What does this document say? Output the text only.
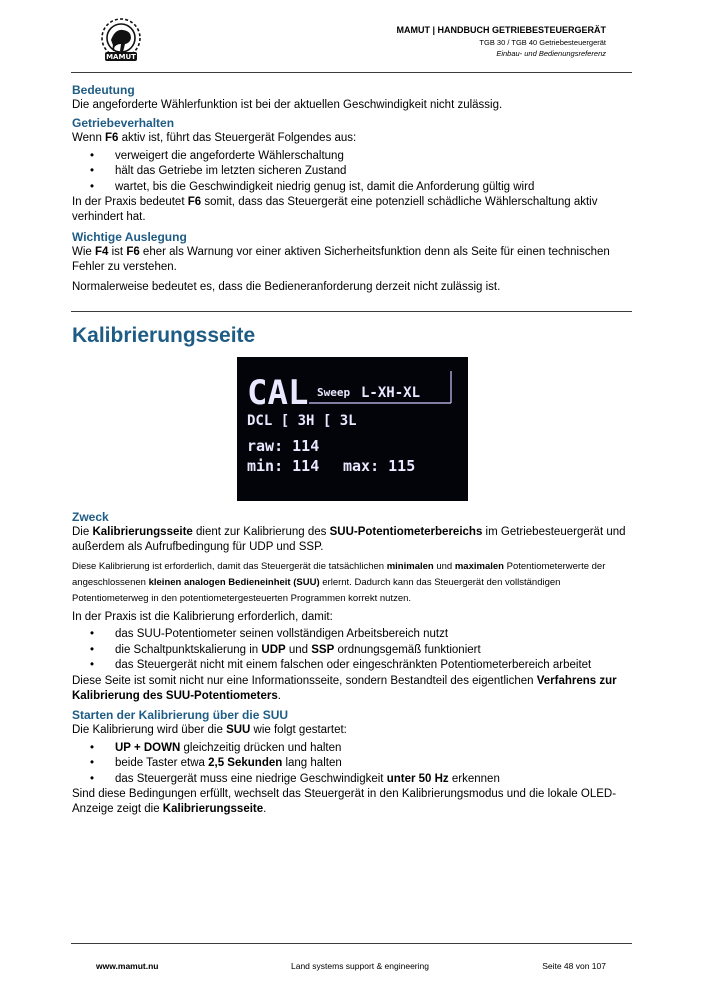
MAMUT
MAMUT | HANDBUCH GETRIEBESTEUERGERÄT
TGB 30 / TGB 40 Getriebesteuergerät
Einbau- und Bedienungsreferenz
Bedeutung

Die angeforderte Wählerfunktion ist bei der aktuellen Geschwindigkeit nicht zulässig.

Getriebeverhalten

Wenn F6 aktiv ist, führt das Steuergerät Folgendes aus:

• verweigert die angeforderte Wählerschaltung
• hält das Getriebe im letzten sicheren Zustand
• wartet, bis die Geschwindigkeit niedrig genug ist, damit die Anforderung gültig wird

In der Praxis bedeutet F6 somit, dass das Steuergerät eine potenziell schädliche Wählerschaltung aktiv verhindert hat.

Wichtige Auslegung

Wie F4 ist F6 eher als Warnung vor einer aktiven Sicherheitsfunktion denn als Seite für einen technischen Fehler zu verstehen.

Normalerweise bedeutet es, dass die Bedieneranforderung derzeit nicht zulässig ist.

Kalibrierungsseite
CAL Sweep L-XH-XL
DCL [ 3H [ 3L
raw: 114
min: 114 max: 115
Zweck

Die Kalibrierungsseite dient zur Kalibrierung des SUU-Potentiometerbereichs im Getriebesteuergerät und außerdem als Aufrufbedingung für UDP und SSP.

Diese Kalibrierung ist erforderlich, damit das Steuergerät die tatsächlichen minimalen und maximalen Potentiometerwerte der angeschlossenen kleinen analogen Bedieneinheit (SUU) erlernt. Dadurch kann das Steuergerät den vollständigen Potentiometerweg in den potentiometergesteuerten Programmen korrekt nutzen.

In der Praxis ist die Kalibrierung erforderlich, damit:

• das SUU-Potentiometer seinen vollständigen Arbeitsbereich nutzt
• die Schaltpunktskalierung in UDP und SSP ordnungsgemäß funktioniert
• das Steuergerät nicht mit einem falschen oder eingeschränkten Potentiometerbereich arbeitet

Diese Seite ist somit nicht nur eine Informationsseite, sondern Bestandteil des eigentlichen Verfahrens zur Kalibrierung des SUU-Potentiometers.

Starten der Kalibrierung über die SUU

Die Kalibrierung wird über die SUU wie folgt gestartet:

• UP + DOWN gleichzeitig drücken und halten
• beide Taster etwa 2,5 Sekunden lang halten
• das Steuergerät muss eine niedrige Geschwindigkeit unter 50 Hz erkennen

Sind diese Bedingungen erfüllt, wechselt das Steuergerät in den Kalibrierungsmodus und die lokale OLED-Anzeige zeigt die Kalibrierungsseite.

www.mamut.nu	Land systems support & engineering	Seite 48 von 107
